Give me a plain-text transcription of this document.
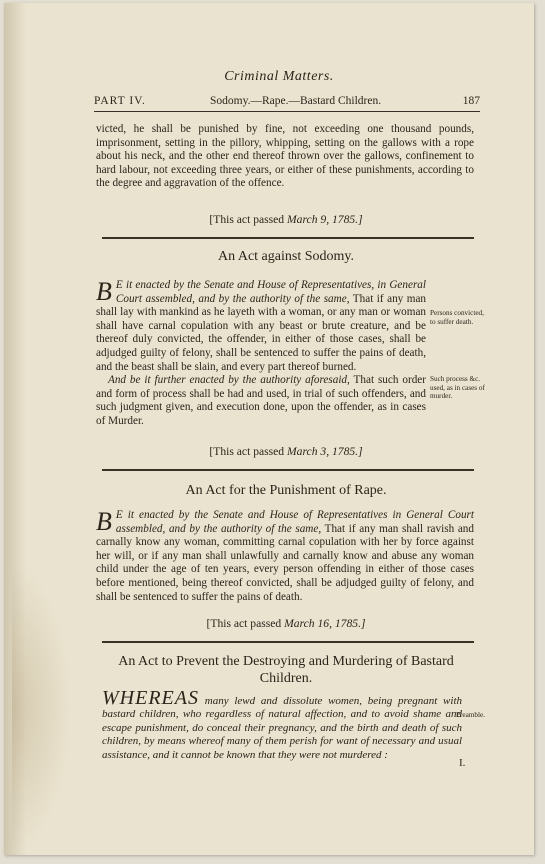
Criminal Matters.
PART IV.	Sodomy.—Rape.—Bastard Children.	187

victed, he shall be punished by fine, not exceeding one thousand pounds, imprisonment, setting in the pillory, whipping, setting on the gallows with a rope about his neck, and the other end thereof thrown over the gallows, confinement to hard labour, not exceeding three years, or either of these punishments, according to the degree and aggravation of the offence.

[This act passed March 9, 1785.]
An Act against Sodomy.

B E it enacted by the Senate and House of Representatives, in General Court assembled, and by the authority of the same, That if any man shall lay with mankind as he layeth with a woman, or any man or woman shall have carnal copulation with any beast or brute creature, and be thereof duly convicted, the offender, in either of those cases, shall be adjudged guilty of felony, shall be sentenced to suffer the pains of death, and the beast shall be slain, and every part thereof burned.

And be it further enacted by the authority aforesaid, That such order and form of process shall be had and used, in trial of such offenders, and such judgment given, and execution done, upon the offender, as in cases of Murder.

Persons convicted, to suffer death.
Such process &c. used, as in cases of murder.
[This act passed March 3, 1785.]
An Act for the Punishment of Rape.

B E it enacted by the Senate and House of Representatives in General Court assembled, and by the authority of the same, That if any man shall ravish and carnally know any woman, committing carnal copulation with her by force against her will, or if any man shall unlawfully and carnally know and abuse any woman child under the age of ten years, every person offending in either of those cases before mentioned, being thereof convicted, shall be adjudged guilty of felony, and shall be sentenced to suffer the pains of death.

[This act passed March 16, 1785.]
An Act to Prevent the Destroying and Murdering of Bastard Children.
WHEREAS many lewd and dissolute women, being pregnant with bastard children, who regardless of natural affection, and to avoid shame and escape punishment, do conceal their pregnancy, and the birth and death of such children, by means whereof many of them perish for want of necessary and usual assistance, and it cannot be known that they were not murdered :
Preamble.
I.
